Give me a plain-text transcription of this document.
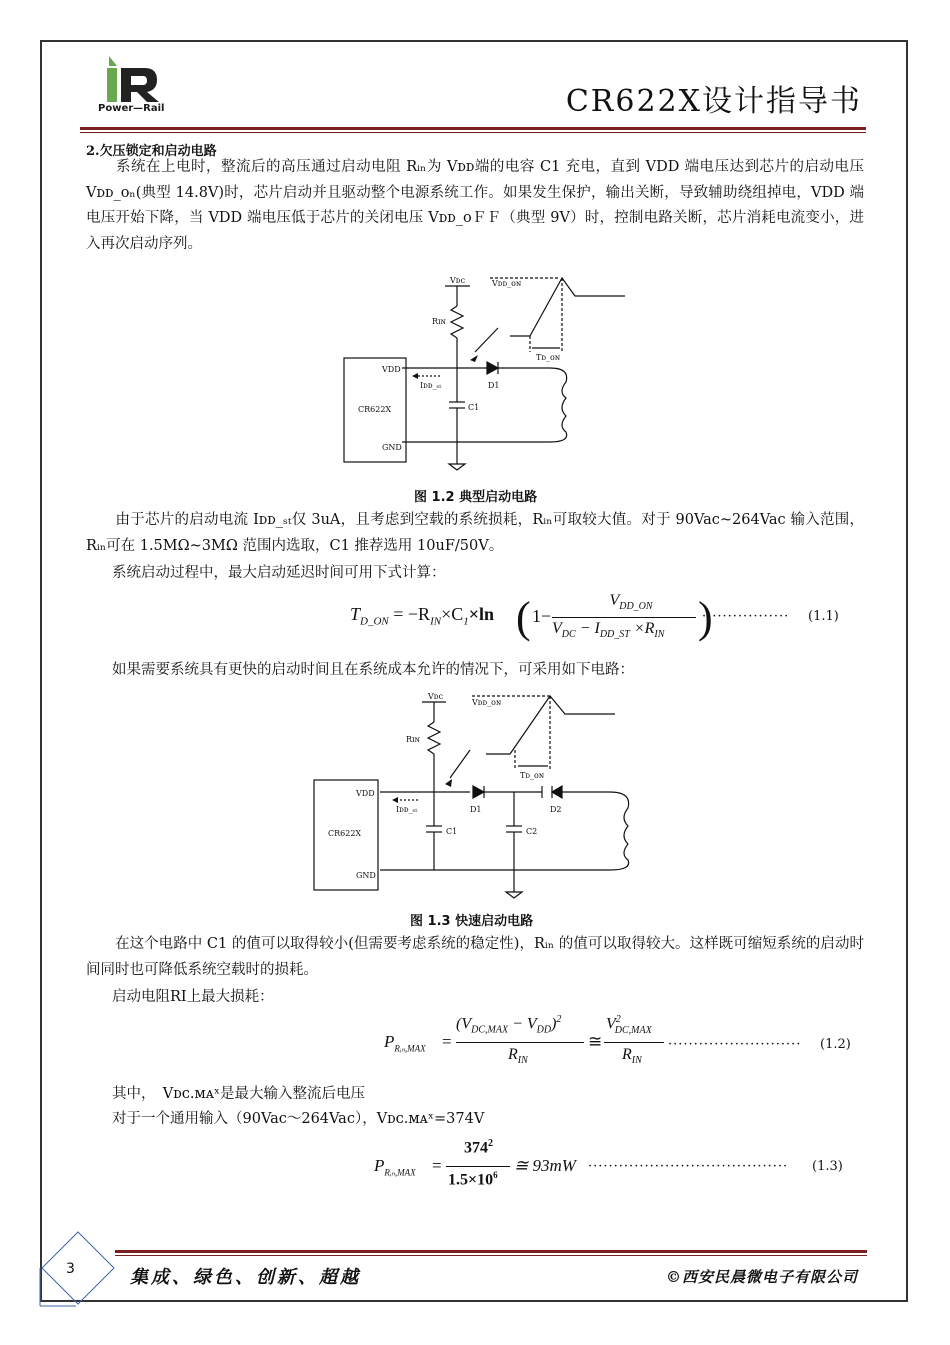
Power—Rail	CR622X设计指导书
2.欠压锁定和启动电路
　　系统在上电时，整流后的高压通过启动电阻 Rᵢₙ为 Vᴅᴅ端的电容 C1 充电，直到 VDD 端电压达到芯片的启动电压 Vᴅᴅ_ᴏₙ(典型 14.8V)时，芯片启动并且驱动整个电源系统工作。如果发生保护，输出关断，导致辅助绕组掉电，VDD 端电压开始下降，当 VDD 端电压低于芯片的关闭电压 Vᴅᴅ_ᴏＦＦ（典型 9V）时，控制电路关断，芯片消耗电流变小，进入再次启动序列。
Vᴅᴄ
Rɪɴ
Vᴅᴅ_ᴏɴ
Tᴅ_ᴏɴ
CR622X
VDD
GND
Iᴅᴅ_ₛₜ
C1
D1
图 1.2 典型启动电路
　　由于芯片的启动电流 Iᴅᴅ_ₛₜ仅 3uA，且考虑到空载的系统损耗，Rᵢₙ可取较大值。对于 90Vac~264Vac 输入范围，Rᵢₙ可在 1.5MΩ~3MΩ 范围内选取，C1 推荐选用 10uF/50V。
系统启动过程中，最大启动延迟时间可用下式计算：
$T_{D\_ON} = -R_{IN}\times C_1\times\ln$ ( 1−
$V_{DD\_ON}$
$V_{DC} - I_{DD\_ST} \times R_{IN}$ )
················· (1.1)
如果需要系统具有更快的启动时间且在系统成本允许的情况下，可采用如下电路：
Vᴅᴄ
Rɪɴ
Vᴅᴅ_ᴏɴ
Tᴅ_ᴏɴ
CR622X
VDD
GND
Iᴅᴅ_ₛₜ
C1	C2
D1	D2
图 1.3 快速启动电路
　　在这个电路中 C1 的值可以取得较小(但需要考虑系统的稳定性)，Rᵢₙ 的值可以取得较大。这样既可缩短系统的启动时间同时也可降低系统空载时的损耗。
启动电阻RI上最大损耗：
$P_{Rᵢ_n,MAX}$ =
$(V_{DC,MAX} - V_{DD})^2$
$R_{IN}$
≅
$V^2_{DC,MAX}$
$R_{IN}$
·························· (1.2)
其中，　Vᴅᴄ.ᴍᴀˣ是最大输入整流后电压
对于一个通用输入（90Vac～264Vac），Vᴅᴄ.ᴍᴀˣ=374V
$P_{Rᵢ_n,MAX}$ =
$374^2$
$1.5\times 10^6$ ≅ 93mW ······································· (1.3)
3	集成、绿色、创新、超越	©西安民晨微电子有限公司
